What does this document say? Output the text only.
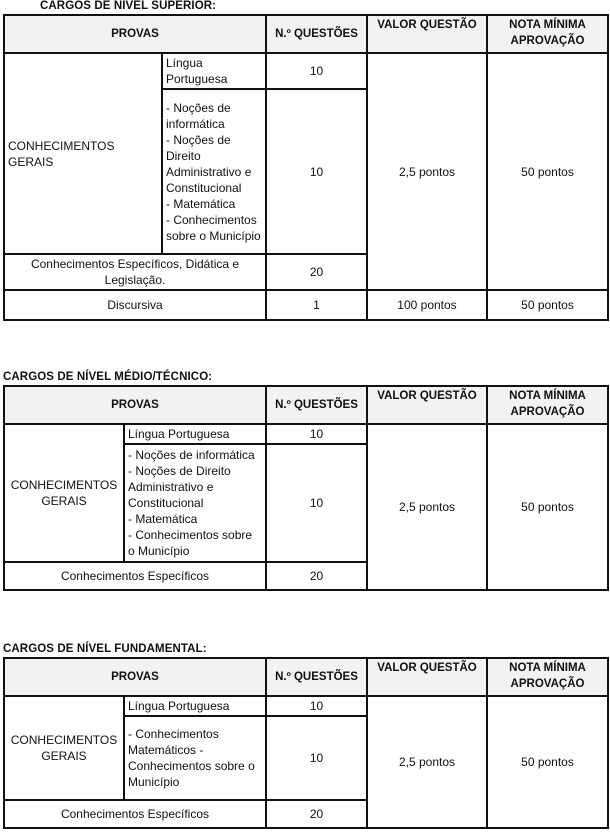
CARGOS DE NÍVEL SUPERIOR:
PROVAS		N.º QUESTÕES	VALOR QUESTÃO	NOTA MÍNIMA APROVAÇÃO
CONHECIMENTOS GERAIS	Língua Portuguesa	10	2,5 pontos	50 pontos
	- Noções de informática
- Noções de Direito Administrativo e Constitucional
- Matemática
- Conhecimentos sobre o Município	10		
Conhecimentos Específicos, Didática e Legislação.		20		
Discursiva		1	100 pontos	50 pontos
CARGOS DE NÍVEL MÉDIO/TÉCNICO:
PROVAS		N.º QUESTÕES	VALOR QUESTÃO	NOTA MÍNIMA APROVAÇÃO
CONHECIMENTOS GERAIS	Língua Portuguesa	10	2,5 pontos	50 pontos
	- Noções de informática
- Noções de Direito Administrativo e Constitucional
- Matemática
- Conhecimentos sobre o Município	10		
Conhecimentos Específicos		20		
CARGOS DE NÍVEL FUNDAMENTAL:
PROVAS		N.º QUESTÕES	VALOR QUESTÃO	NOTA MÍNIMA APROVAÇÃO
CONHECIMENTOS GERAIS	Língua Portuguesa	10	2,5 pontos	50 pontos
	- Conhecimentos Matemáticos - Conhecimentos sobre o Município	10		
Conhecimentos Específicos		20		
